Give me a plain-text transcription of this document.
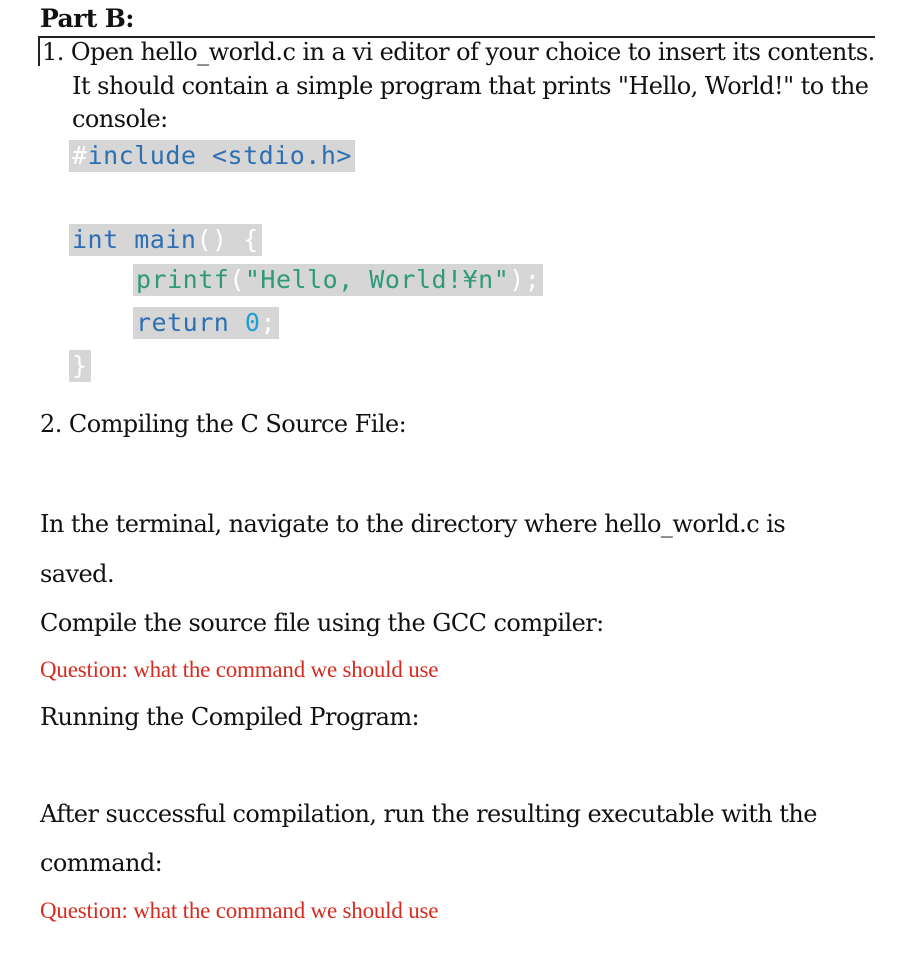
Part B:
1. Open hello_world.c in a vi editor of your choice to insert its contents.
It should contain a simple program that prints "Hello, World!" to the
console:
#include <stdio.h>
int main() {
printf("Hello, World!¥n");
return 0;
}
2. Compiling the C Source File:
In the terminal, navigate to the directory where hello_world.c is
saved.
Compile the source file using the GCC compiler:
Question: what the command we should use
Running the Compiled Program:
After successful compilation, run the resulting executable with the
command:
Question: what the command we should use
